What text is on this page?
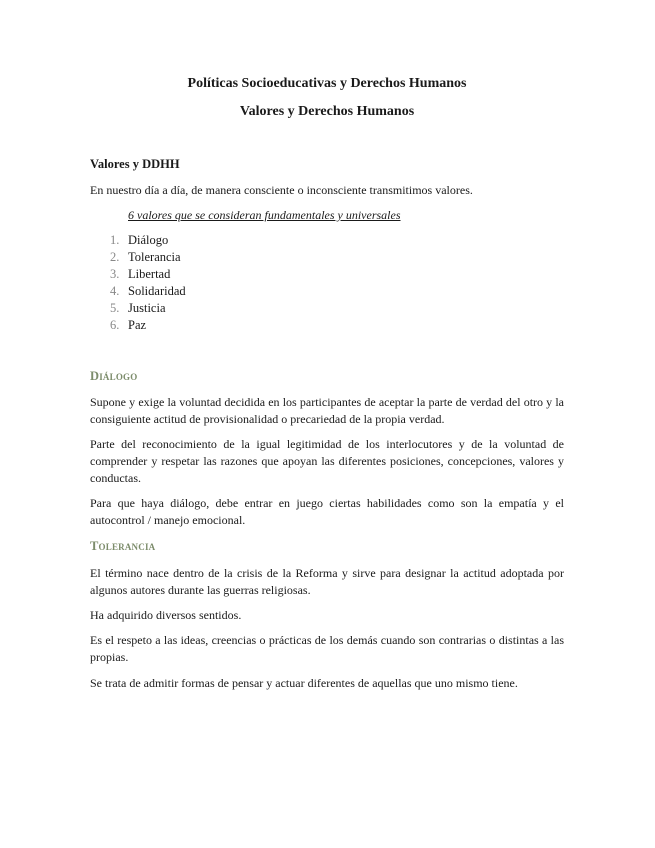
Políticas Socioeducativas y Derechos Humanos
Valores y Derechos Humanos

Valores y DDHH

En nuestro día a día, de manera consciente o inconsciente transmitimos valores.

6 valores que se consideran fundamentales y universales
1. Diálogo
2. Tolerancia
3. Libertad
4. Solidaridad
5. Justicia
6. Paz
Diálogo

Supone y exige la voluntad decidida en los participantes de aceptar la parte de verdad del otro y la consiguiente actitud de provisionalidad o precariedad de la propia verdad.

Parte del reconocimiento de la igual legitimidad de los interlocutores y de la voluntad de comprender y respetar las razones que apoyan las diferentes posiciones, concepciones, valores y conductas.

Para que haya diálogo, debe entrar en juego ciertas habilidades como son la empatía y el autocontrol / manejo emocional.

Tolerancia

El término nace dentro de la crisis de la Reforma y sirve para designar la actitud adoptada por algunos autores durante las guerras religiosas.

Ha adquirido diversos sentidos.

Es el respeto a las ideas, creencias o prácticas de los demás cuando son contrarias o distintas a las propias.

Se trata de admitir formas de pensar y actuar diferentes de aquellas que uno mismo tiene.
